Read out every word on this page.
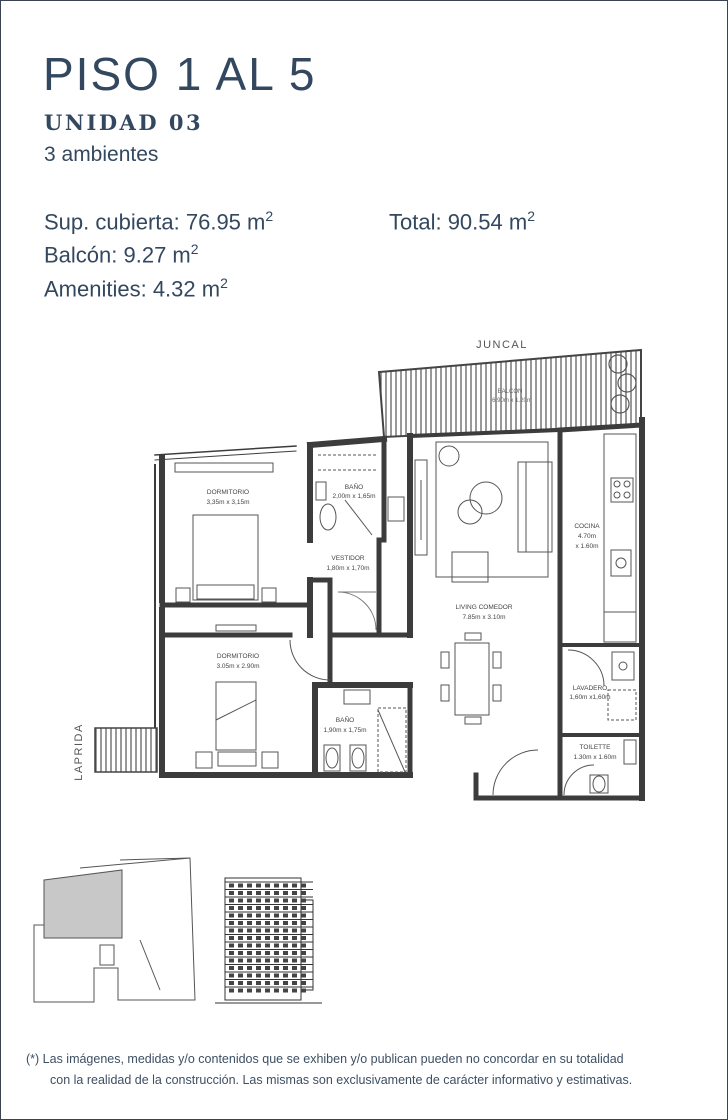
PISO 1 AL 5
UNIDAD 03
3 ambientes
Sup. cubierta: 76.95 $m^2$	Total: 90.54 $m^2$
Balcón: 9.27 $m^2$
Amenities: 4.32 $m^2$
JUNCAL
LAPRIDA
BALCÓN
6.90m x 1.20m
DORMITORIO
3,35m x 3,15m
BAÑO
2,00m x 1,65m
VESTIDOR
1,80m x 1,70m
LIVING COMEDOR
7.85m x 3.10m
COCINA
4.70m
x 1.60m
DORMITORIO
3.05m x 2.90m
BAÑO
1,90m x 1,75m
LAVADERO
1,60m x1,60m
TOILETTE
1.30m x 1.60m
(*) Las imágenes, medidas y/o contenidos que se exhiben y/o publican pueden no concordar en su totalidad
con la realidad de la construcción. Las mismas son exclusivamente de carácter informativo y estimativas.
